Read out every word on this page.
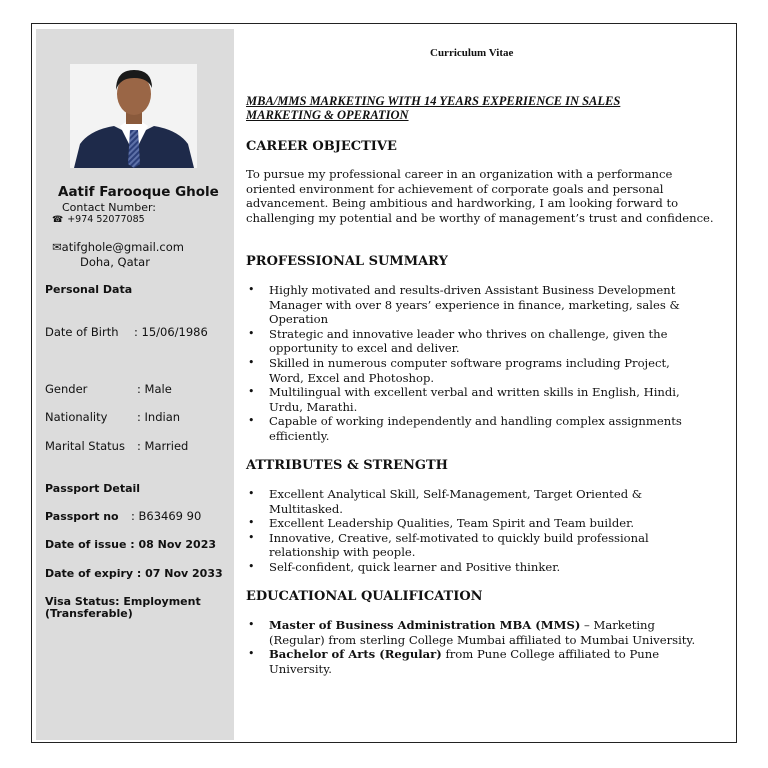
Aatif Farooque Ghole
Contact Number:
☎ +974 52077085
✉atifghole@gmail.com
Doha, Qatar
Personal Data
Date of Birth : 15/06/1986
Gender	: Male
Nationality	: Indian
Marital Status : Married
Passport Detail
Passport no : B63469 90
Date of issue : 08 Nov 2023
Date of expiry : 07 Nov 2033
Visa Status: Employment
(Transferable)
Curriculum Vitae
MBA/MMS MARKETING WITH 14 YEARS EXPERIENCE IN SALES MARKETING & OPERATION
CAREER OBJECTIVE
To pursue my professional career in an organization with a performance oriented environment for achievement of corporate goals and personal advancement. Being ambitious and hardworking, I am looking forward to challenging my potential and be worthy of management’s trust and confidence.
PROFESSIONAL SUMMARY
• Highly motivated and results-driven Assistant Business Development Manager with over 8 years’ experience in finance, marketing, sales & Operation
• Strategic and innovative leader who thrives on challenge, given the opportunity to excel and deliver.
• Skilled in numerous computer software programs including Project, Word, Excel and Photoshop.
• Multilingual with excellent verbal and written skills in English, Hindi, Urdu, Marathi.
• Capable of working independently and handling complex assignments efficiently.
ATTRIBUTES & STRENGTH
• Excellent Analytical Skill, Self-Management, Target Oriented & Multitasked.
• Excellent Leadership Qualities, Team Spirit and Team builder.
• Innovative, Creative, self-motivated to quickly build professional relationship with people.
• Self-confident, quick learner and Positive thinker.
EDUCATIONAL QUALIFICATION
• Master of Business Administration MBA (MMS) – Marketing (Regular) from sterling College Mumbai affiliated to Mumbai University.
• Bachelor of Arts (Regular) from Pune College affiliated to Pune University.
